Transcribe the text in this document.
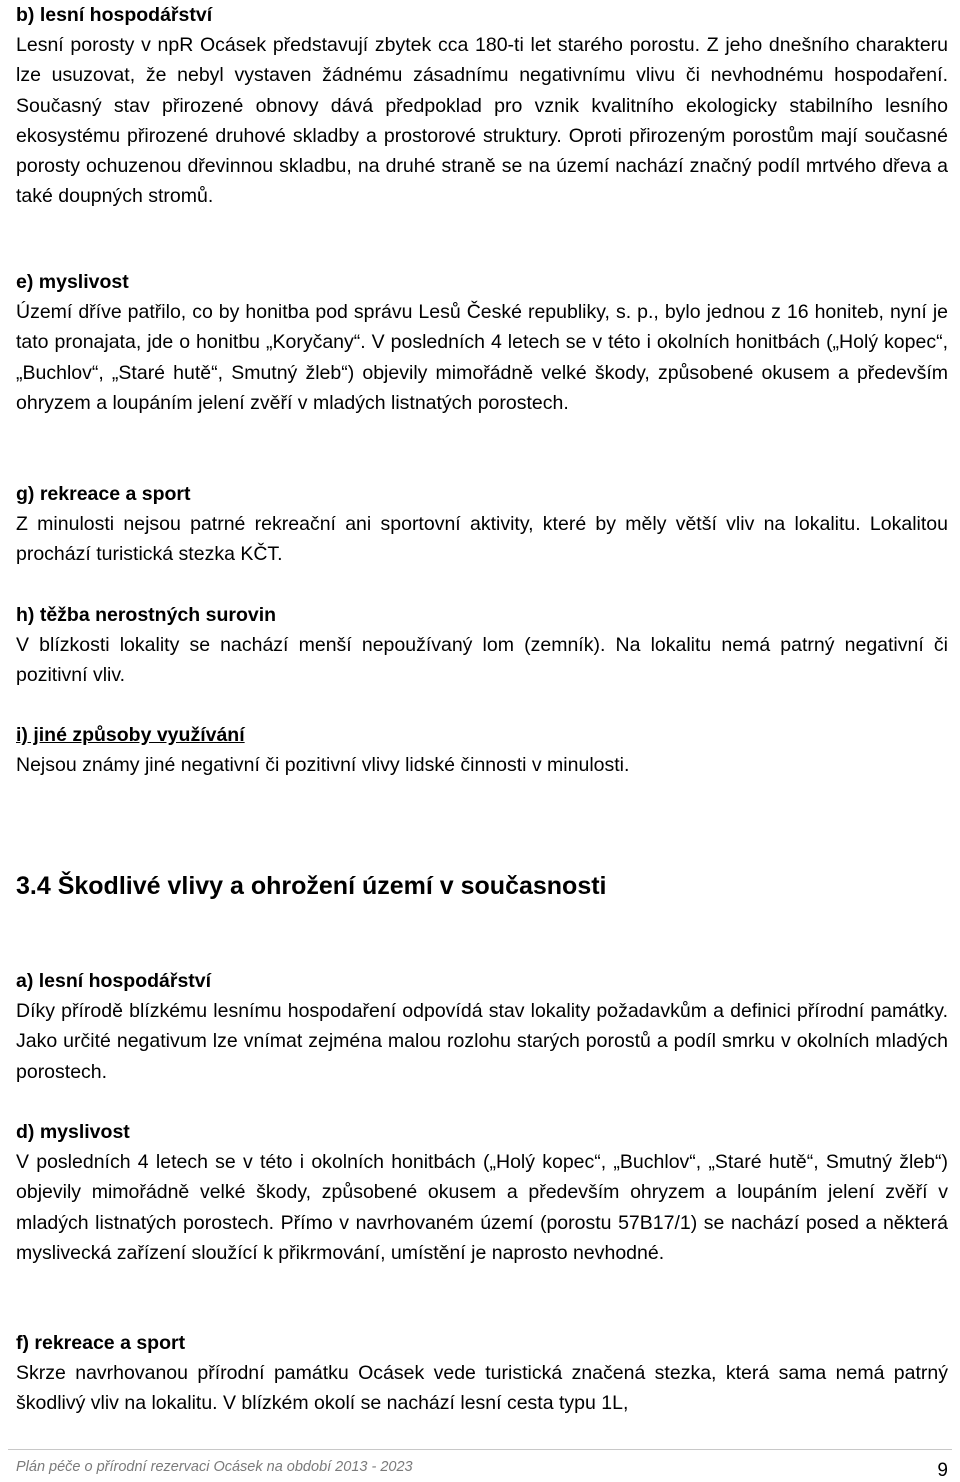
b) lesní hospodářství

Lesní porosty v npR Ocásek představují zbytek cca 180-ti let starého porostu. Z jeho dnešního charakteru lze usuzovat, že nebyl vystaven žádnému zásadnímu negativnímu vlivu či nevhodnému hospodaření. Současný stav přirozené obnovy dává předpoklad pro vznik kvalitního ekologicky stabilního lesního ekosystému přirozené druhové skladby a prostorové struktury. Oproti přirozeným porostům mají současné porosty ochuzenou dřevinnou skladbu, na druhé straně se na území nachází značný podíl mrtvého dřeva a také doupných stromů.

e) myslivost

Území dříve patřilo, co by honitba pod správu Lesů České republiky, s. p., bylo jednou z 16 honiteb, nyní je tato pronajata, jde o honitbu „Koryčany“. V posledních 4 letech se v této i okolních honitbách („Holý kopec“, „Buchlov“, „Staré hutě“, Smutný žleb“) objevily mimořádně velké škody, způsobené okusem a především ohryzem a loupáním jelení zvěří v mladých listnatých porostech.

g) rekreace a sport

Z minulosti nejsou patrné rekreační ani sportovní aktivity, které by měly větší vliv na lokalitu. Lokalitou prochází turistická stezka KČT.

h) těžba nerostných surovin

V blízkosti lokality se nachází menší nepoužívaný lom (zemník). Na lokalitu nemá patrný negativní či pozitivní vliv.

i) jiné způsoby využívání

Nejsou známy jiné negativní či pozitivní vlivy lidské činnosti v minulosti.

3.4 Škodlivé vlivy a ohrožení území v současnosti
a) lesní hospodářství

Díky přírodě blízkému lesnímu hospodaření odpovídá stav lokality požadavkům a definici přírodní památky. Jako určité negativum lze vnímat zejména malou rozlohu starých porostů a podíl smrku v okolních mladých porostech.

d) myslivost

V posledních 4 letech se v této i okolních honitbách („Holý kopec“, „Buchlov“, „Staré hutě“, Smutný žleb“) objevily mimořádně velké škody, způsobené okusem a především ohryzem a loupáním jelení zvěří v mladých listnatých porostech. Přímo v navrhovaném území (porostu 57B17/1) se nachází posed a některá myslivecká zařízení sloužící k přikrmování, umístění je naprosto nevhodné.

f) rekreace a sport

Skrze navrhovanou přírodní památku Ocásek vede turistická značená stezka, která sama nemá patrný škodlivý vliv na lokalitu. V blízkém okolí se nachází lesní cesta typu 1L,

Plán péče o přírodní rezervaci Ocásek na období 2013 - 2023	9
